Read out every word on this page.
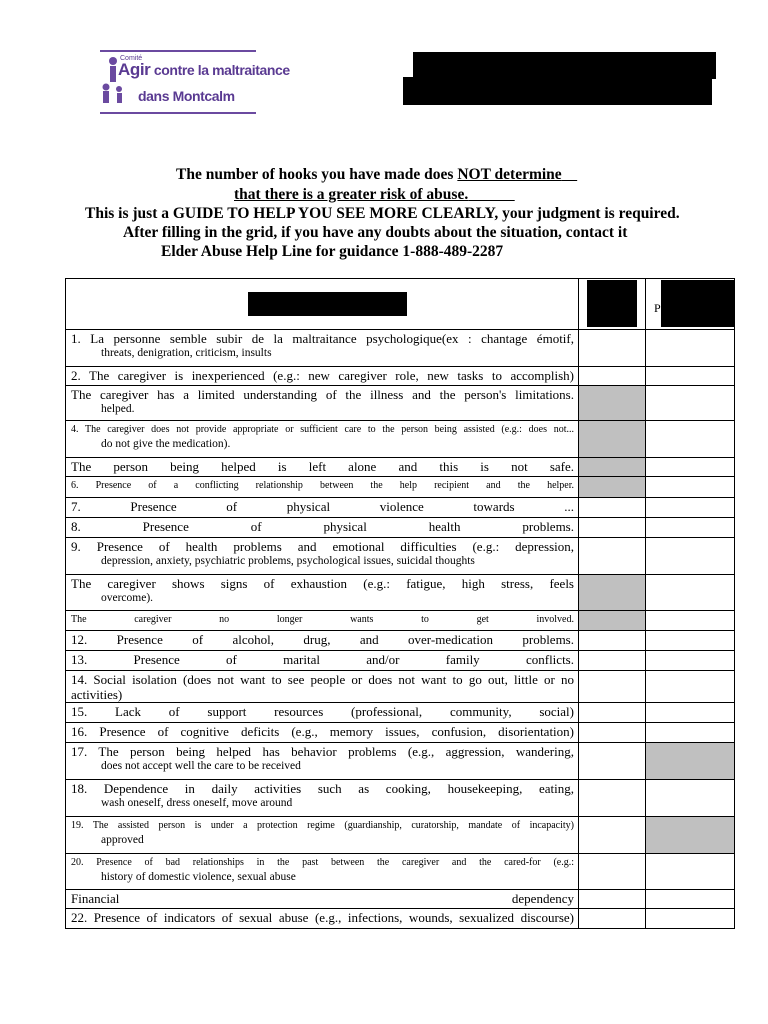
Comité
Agir contre la maltraitance
dans Montcalm
The number of hooks you have made does NOT determine
that there is a greater risk of abuse.
This is just a GUIDE TO HELP YOU SEE MORE CLEARLY, your judgment is required.
After filling in the grid, if you have any doubts about the situation, contact it
Elder Abuse Help Line for guidance 1-888-489-2287

		P

1. La personne semble subir de la maltraitance psychologique(ex : chantage émotif,
threats, denigration, criticism, insults		

2. The caregiver is inexperienced (e.g.: new caregiver role, new tasks to accomplish)		

The caregiver has a limited understanding of the illness and the person's limitations.
helped.		

4. The caregiver does not provide appropriate or sufficient care to the person being assisted (e.g.: does not...
do not give the medication).		

The person being helped is left alone and this is not safe.		

6. Presence of a conflicting relationship between the help recipient and the helper.		

7. Presence of physical violence towards ...		

8. Presence of physical health problems.		

9. Presence of health problems and emotional difficulties (e.g.: depression,
depression, anxiety, psychiatric problems, psychological issues, suicidal thoughts		

The caregiver shows signs of exhaustion (e.g.: fatigue, high stress, feels
overcome).		

The caregiver no longer wants to get involved.		

12. Presence of alcohol, drug, and over-medication problems.		

13. Presence of marital and/or family conflicts.		

14. Social isolation (does not want to see people or does not want to go out, little or no activities)		

15. Lack of support resources (professional, community, social)		

16. Presence of cognitive deficits (e.g., memory issues, confusion, disorientation)		

17. The person being helped has behavior problems (e.g., aggression, wandering,
does not accept well the care to be received		

18. Dependence in daily activities such as cooking, housekeeping, eating,
wash oneself, dress oneself, move around		

19. The assisted person is under a protection regime (guardianship, curatorship, mandate of incapacity)
approved		

20. Presence of bad relationships in the past between the caregiver and the cared-for (e.g.:
history of domestic violence, sexual abuse		

Financial dependency		

22. Presence of indicators of sexual abuse (e.g., infections, wounds, sexualized discourse)		
